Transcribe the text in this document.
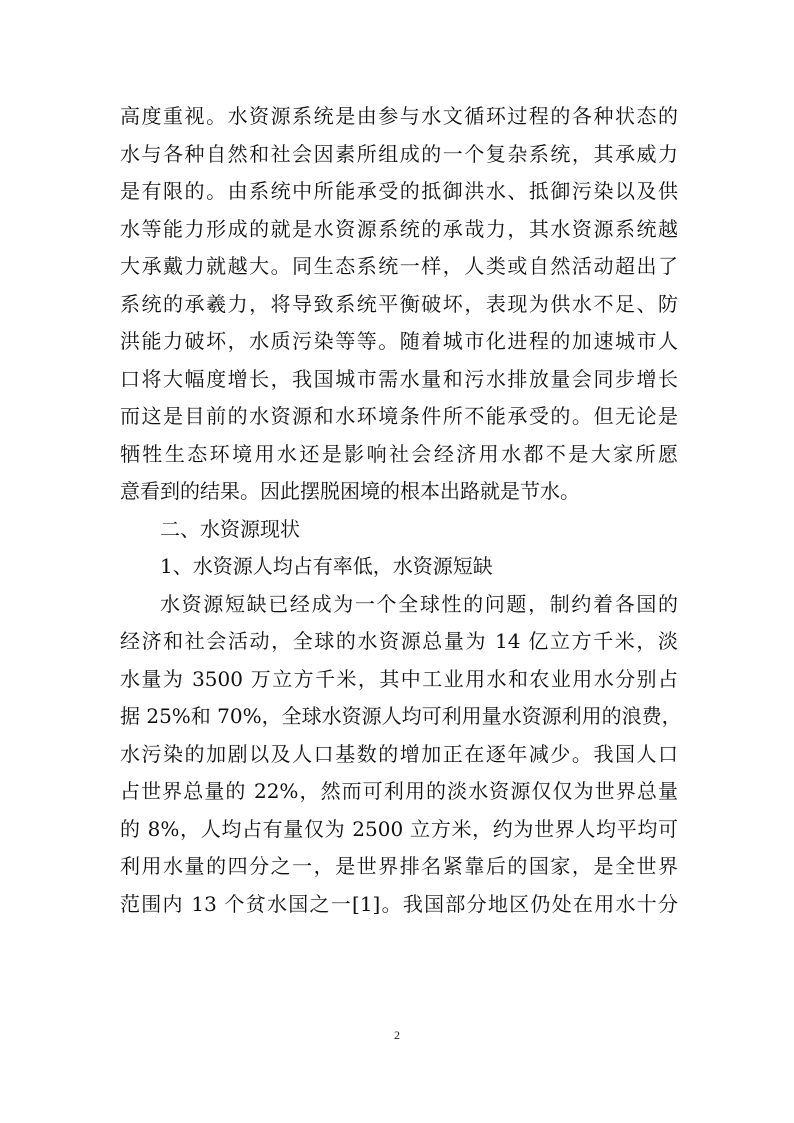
高度重视。水资源系统是由参与水文循环过程的各种状态的
水与各种自然和社会因素所组成的一个复杂系统，其承威力
是有限的。由系统中所能承受的抵御洪水、抵御污染以及供
水等能力形成的就是水资源系统的承哉力，其水资源系统越
大承戴力就越大。同生态系统一样，人类或自然活动超出了
系统的承羲力，将导致系统平衡破坏，表现为供水不足、防
洪能力破坏，水质污染等等。随着城市化进程的加速城市人
口将大幅度增长，我国城市需水量和污水排放量会同步增长
而这是目前的水资源和水环境条件所不能承受的。但无论是
牺牲生态环境用水还是影响社会经济用水都不是大家所愿
意看到的结果。因此摆脱困境的根本出路就是节水。
二、水资源现状
1、水资源人均占有率低，水资源短缺
水资源短缺已经成为一个全球性的问题，制约着各国的
经济和社会活动，全球的水资源总量为 14 亿立方千米，淡
水量为 3500 万立方千米，其中工业用水和农业用水分别占
据 25%和 70%，全球水资源人均可利用量水资源利用的浪费，
水污染的加剧以及人口基数的增加正在逐年减少。我国人口
占世界总量的 22%，然而可利用的淡水资源仅仅为世界总量
的 8%，人均占有量仅为 2500 立方米，约为世界人均平均可
利用水量的四分之一，是世界排名紧靠后的国家，是全世界
范围内 13 个贫水国之一[1]。我国部分地区仍处在用水十分
2
